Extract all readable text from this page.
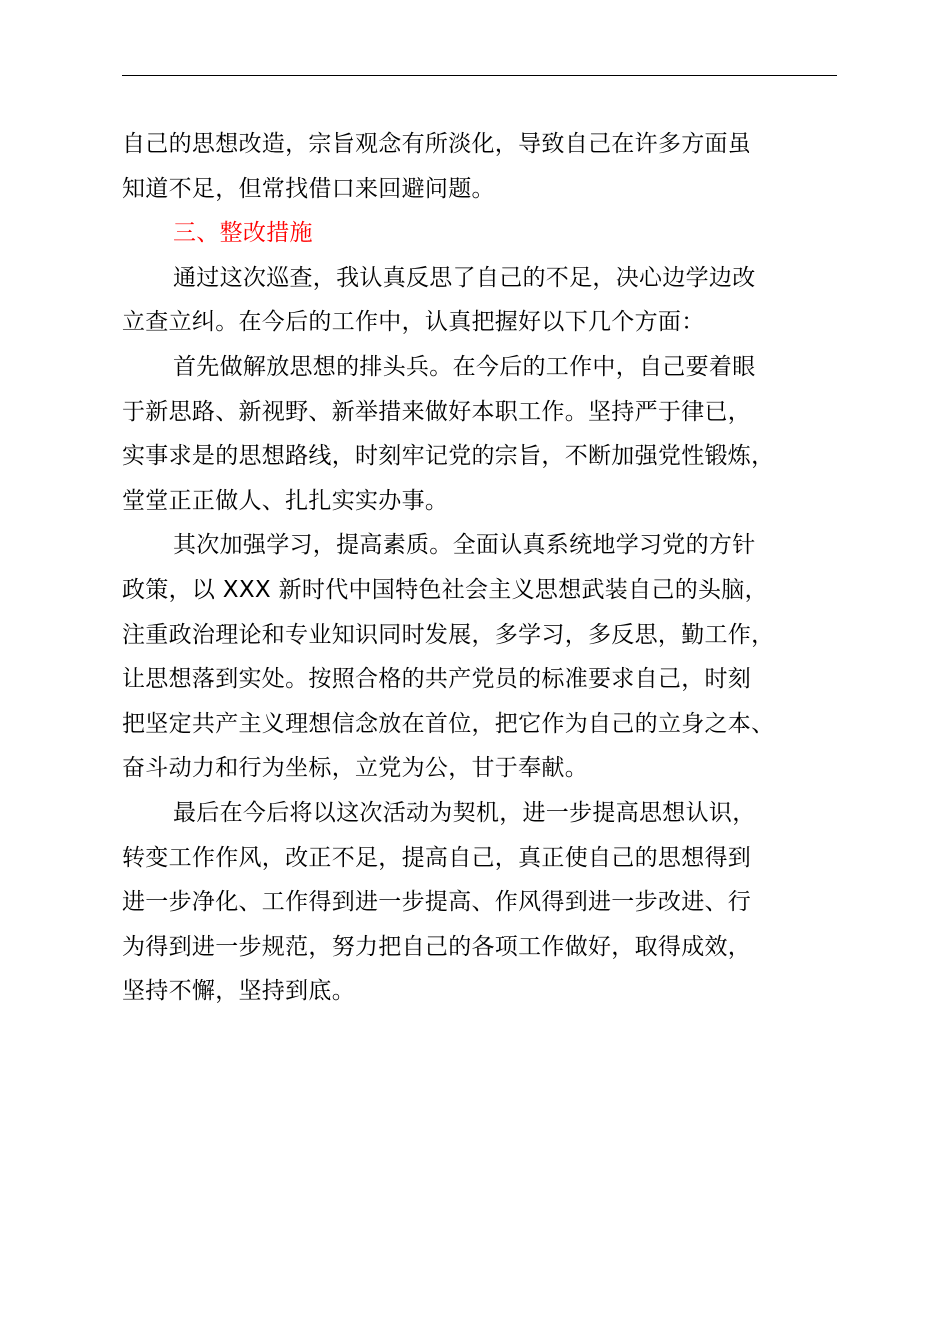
自己的思想改造，宗旨观念有所淡化，导致自己在许多方面虽
知道不足，但常找借口来回避问题。
三、整改措施
通过这次巡查，我认真反思了自己的不足，决心边学边改
立查立纠。在今后的工作中，认真把握好以下几个方面：
首先做解放思想的排头兵。在今后的工作中，自己要着眼
于新思路、新视野、新举措来做好本职工作。坚持严于律已，
实事求是的思想路线，时刻牢记党的宗旨，不断加强党性锻炼，
堂堂正正做人、扎扎实实办事。
其次加强学习，提高素质。全面认真系统地学习党的方针
政策，以 XXX 新时代中国特色社会主义思想武装自己的头脑，
注重政治理论和专业知识同时发展，多学习，多反思，勤工作，
让思想落到实处。按照合格的共产党员的标准要求自己，时刻
把坚定共产主义理想信念放在首位，把它作为自己的立身之本、
奋斗动力和行为坐标，立党为公，甘于奉献。
最后在今后将以这次活动为契机，进一步提高思想认识，
转变工作作风，改正不足，提高自己，真正使自己的思想得到
进一步净化、工作得到进一步提高、作风得到进一步改进、行
为得到进一步规范，努力把自己的各项工作做好，取得成效，
坚持不懈，坚持到底。
